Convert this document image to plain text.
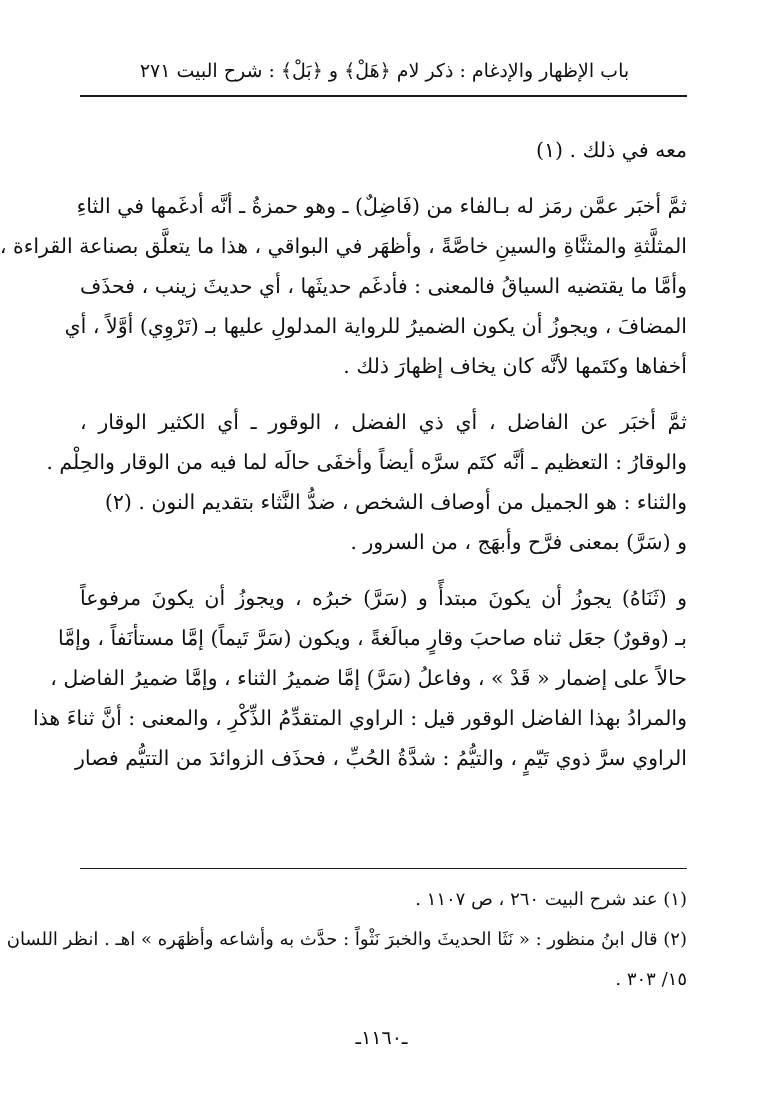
باب الإظهار والإدغام : ذكر لام ﴿هَلْ﴾ و ﴿بَلْ﴾ : شرح البيت ٢٧١
معه في ذلك . (١)
ثمَّ أخبَر عمَّن رمَز له بـالفاء من (فَاضِلٌ) ـ وهو حمزةُ ـ أنَّه أدغَمها في الثاءِ
المثلَّثةِ والمثنَّاةِ والسينِ خاصَّةً ، وأظهَر في البواقي ، هذا ما يتعلَّق بصناعة القراءة ،
وأمَّا ما يقتضيه السياقُ فالمعنى : فأدغَم حديثَها ، أي حديثَ زينب ، فحذَف
المضافَ ، ويجوزُ أن يكون الضميرُ للرواية المدلولِ عليها بـ (تَرْوِي) أوَّلاً ، أي
أخفاها وكتَمها لأنَّه كان يخاف إظهارَ ذلك .
ثمَّ أخبَر عن الفاضل ، أي ذي الفضل ، الوقور ـ أي الكثير الوقار ،
والوقارُ : التعظيم ـ أنَّه كتَم سرَّه أيضاً وأخفَى حالَه لما فيه من الوقار والحِلْم .
والثناء : هو الجميل من أوصاف الشخص ، ضدُّ النَّثاء بتقديم النون . (٢)
و (سَرَّ) بمعنى فرَّح وأبهَج ، من السرور .
و (ثَنَاهُ) يجوزُ أن يكونَ مبتدأً و (سَرَّ) خبرُه ، ويجوزُ أن يكونَ مرفوعاً
بـ (وقورٌ) جعَل ثناه صاحبَ وقارٍ مبالَغةً ، ويكون (سَرَّ تَيماً) إمَّا مستأنَفاً ، وإمَّا
حالاً على إضمار « قَدْ » ، وفاعلُ (سَرَّ) إمَّا ضميرُ الثناء ، وإمَّا ضميرُ الفاضل ،
والمرادُ بهذا الفاضل الوقور قيل : الراوي المتقدِّمُ الذِّكْرِ ، والمعنى : أنَّ ثناءَ هذا
الراوي سرَّ ذوي تَيّمٍ ، والتيُّمُ : شدَّةُ الحُبِّ ، فحذَف الزوائدَ من التتيُّم فصار
(١) عند شرح البيت ٢٦٠ ، ص ١١٠٧ .
(٢) قال ابنُ منظور : « نَثَا الحديثَ والخبرَ نَثْواً : حدَّث به وأشاعه وأظهَره » اهـ . انظر اللسان
١٥/ ٣٠٣ .
ـ١١٦٠ـ
